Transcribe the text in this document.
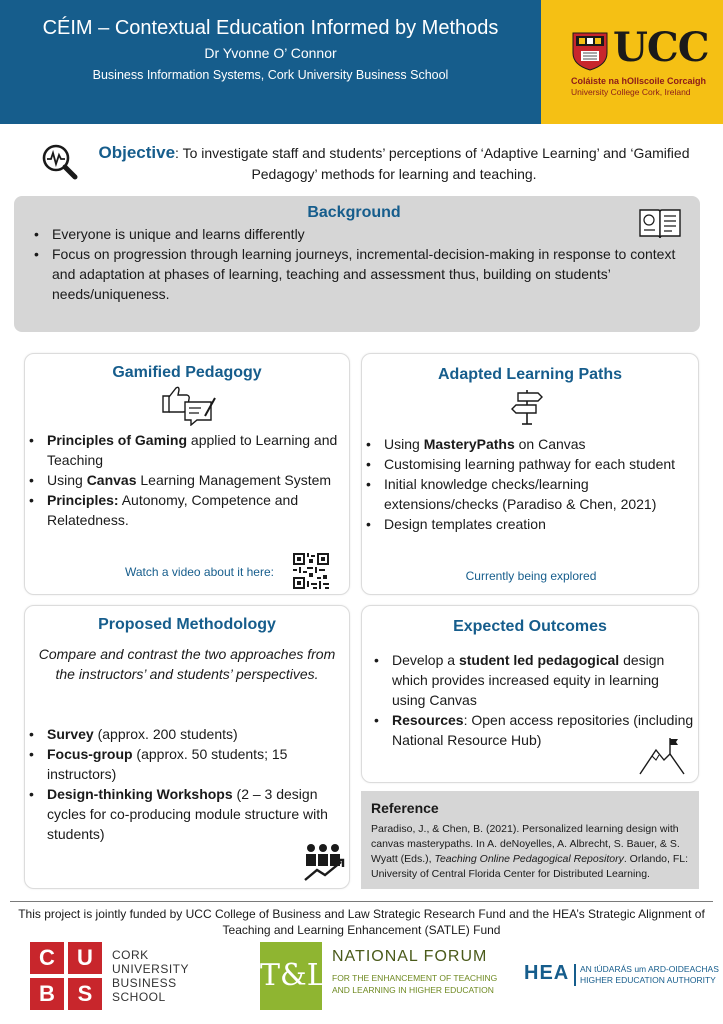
CÉIM – Contextual Education Informed by Methods
Dr Yvonne O’ Connor
Business Information Systems, Cork University Business School
UCC
Coláiste na hOllscoile Corcaigh
University College Cork, Ireland
Objective: To investigate staff and students’ perceptions of ‘Adaptive Learning’ and ‘Gamified Pedagogy’ methods for learning and teaching.
Background
• Everyone is unique and learns differently
• Focus on progression through learning journeys, incremental-decision-making in response to context and adaptation at phases of learning, teaching and assessment thus, building on students’ needs/uniqueness.
Gamified Pedagogy
• Principles of Gaming applied to Learning and Teaching
• Using Canvas Learning Management System
• Principles: Autonomy, Competence and Relatedness.
Watch a video about it here:
Adapted Learning Paths
• Using MasteryPaths on Canvas
• Customising learning pathway for each student
• Initial knowledge checks/learning extensions/checks (Paradiso & Chen, 2021)
• Design templates creation
Currently being explored
Proposed Methodology
Compare and contrast the two approaches from the instructors’ and students’ perspectives.
• Survey (approx. 200 students)
• Focus-group (approx. 50 students; 15 instructors)
• Design-thinking Workshops (2 – 3 design cycles for co-producing module structure with students)
Expected Outcomes
• Develop a student led pedagogical design which provides increased equity in learning using Canvas
• Resources: Open access repositories (including National Resource Hub)
Reference
Paradiso, J., & Chen, B. (2021). Personalized learning design with canvas masterypaths. In A. deNoyelles, A. Albrecht, S. Bauer, & S. Wyatt (Eds.), Teaching Online Pedagogical Repository. Orlando, FL: University of Central Florida Center for Distributed Learning.
This project is jointly funded by UCC College of Business and Law Strategic Research Fund and the HEA’s Strategic Alignment of Teaching and Learning Enhancement (SATLE) Fund
C	U
B	S
CORK
UNIVERSITY
BUSINESS
SCHOOL
T&L
NATIONAL FORUM
FOR THE ENHANCEMENT OF TEACHING
AND LEARNING IN HIGHER EDUCATION
HEA AN tÚDARÁS um ARD-OIDEACHAS
HIGHER EDUCATION AUTHORITY
